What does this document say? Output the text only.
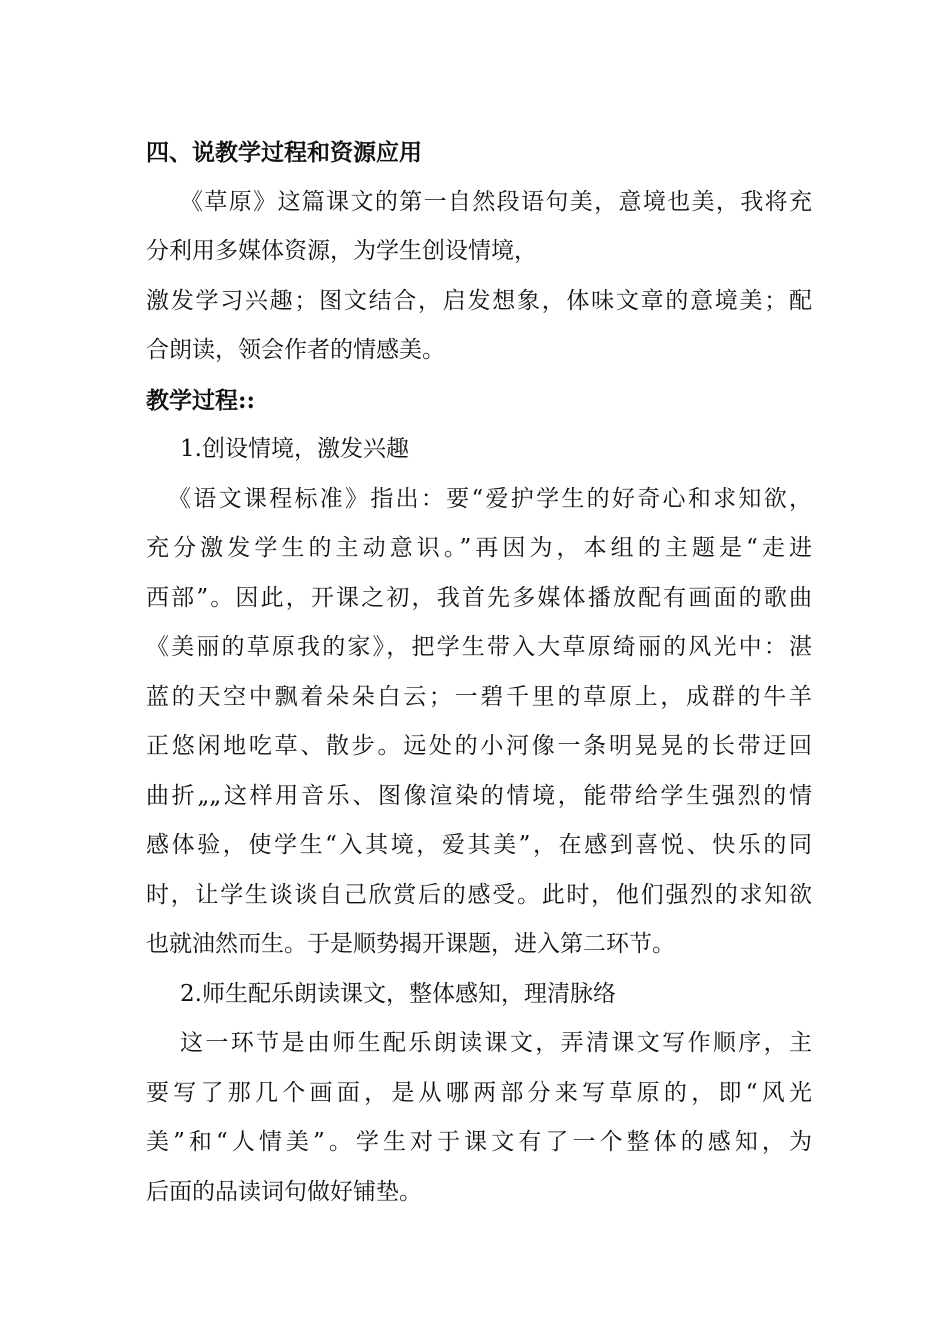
四、说教学过程和资源应用
《草原》这篇课文的第一自然段语句美，意境也美，我将充
分利用多媒体资源，为学生创设情境，
激发学习兴趣；图文结合，启发想象，体味文章的意境美；配
合朗读，领会作者的情感美。
教学过程::
1.创设情境，激发兴趣
《语文课程标准》指出：要“爱护学生的好奇心和求知欲，
充分激发学生的主动意识。”再因为，本组的主题是“走进
西部”。因此，开课之初，我首先多媒体播放配有画面的歌曲
《美丽的草原我的家》，把学生带入大草原绮丽的风光中：湛
蓝的天空中飘着朵朵白云；一碧千里的草原上，成群的牛羊
正悠闲地吃草、散步。远处的小河像一条明晃晃的长带迂回
曲折„„这样用音乐、图像渲染的情境，能带给学生强烈的情
感体验，使学生“入其境，爱其美”，在感到喜悦、快乐的同
时，让学生谈谈自己欣赏后的感受。此时，他们强烈的求知欲
也就油然而生。于是顺势揭开课题，进入第二环节。
2.师生配乐朗读课文，整体感知，理清脉络
这一环节是由师生配乐朗读课文，弄清课文写作顺序，主
要写了那几个画面，是从哪两部分来写草原的，即“风光
美”和“人情美”。学生对于课文有了一个整体的感知，为
后面的品读词句做好铺垫。
